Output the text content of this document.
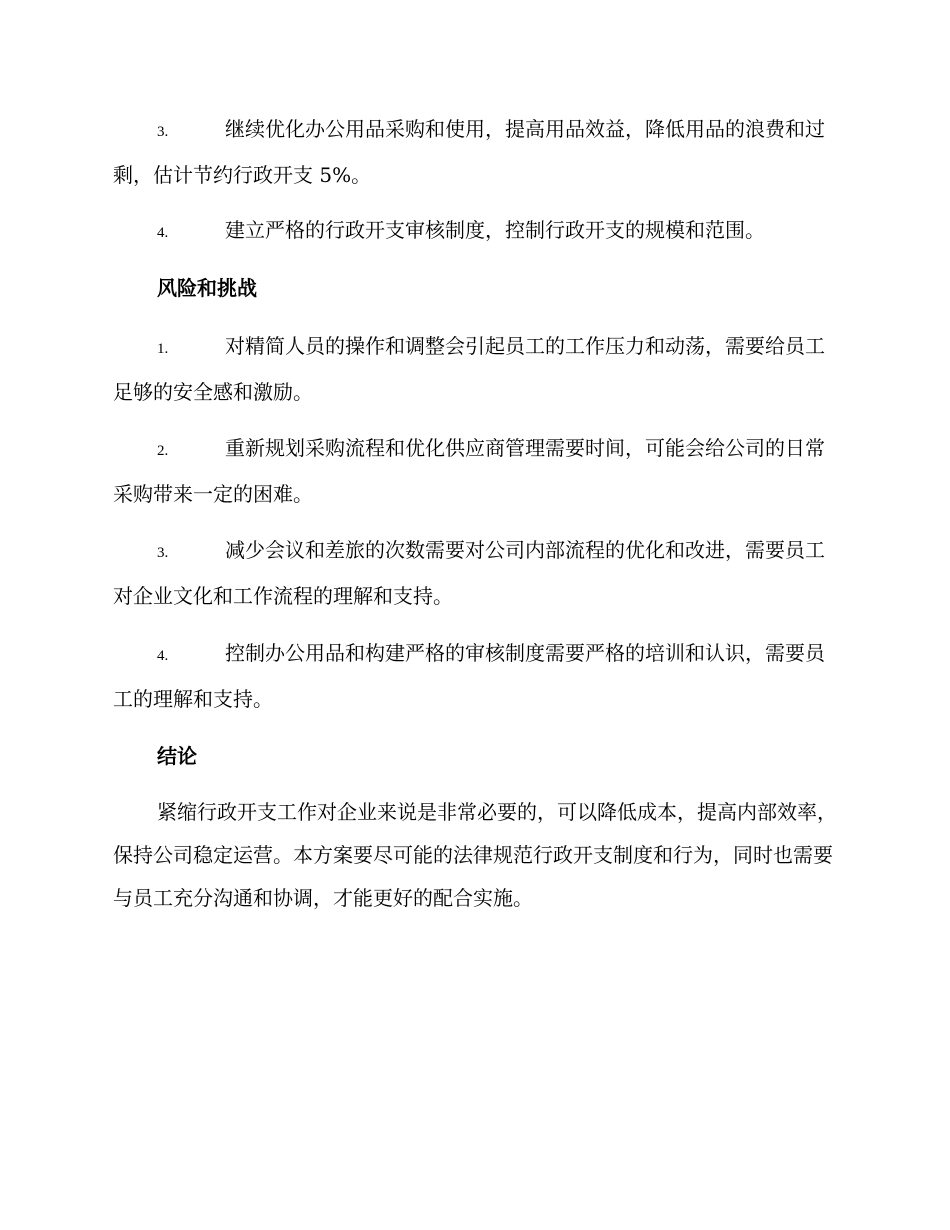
3.	继续优化办公用品采购和使用，提高用品效益，降低用品的浪费和过剩，估计节约行政开支 5%。

4.	建立严格的行政开支审核制度，控制行政开支的规模和范围。

风险和挑战

1.	对精简人员的操作和调整会引起员工的工作压力和动荡，需要给员工足够的安全感和激励。

2.	重新规划采购流程和优化供应商管理需要时间，可能会给公司的日常采购带来一定的困难。

3.	减少会议和差旅的次数需要对公司内部流程的优化和改进，需要员工对企业文化和工作流程的理解和支持。

4.	控制办公用品和构建严格的审核制度需要严格的培训和认识，需要员工的理解和支持。

结论

紧缩行政开支工作对企业来说是非常必要的，可以降低成本，提高内部效率，保持公司稳定运营。本方案要尽可能的法律规范行政开支制度和行为，同时也需要与员工充分沟通和协调，才能更好的配合实施。
